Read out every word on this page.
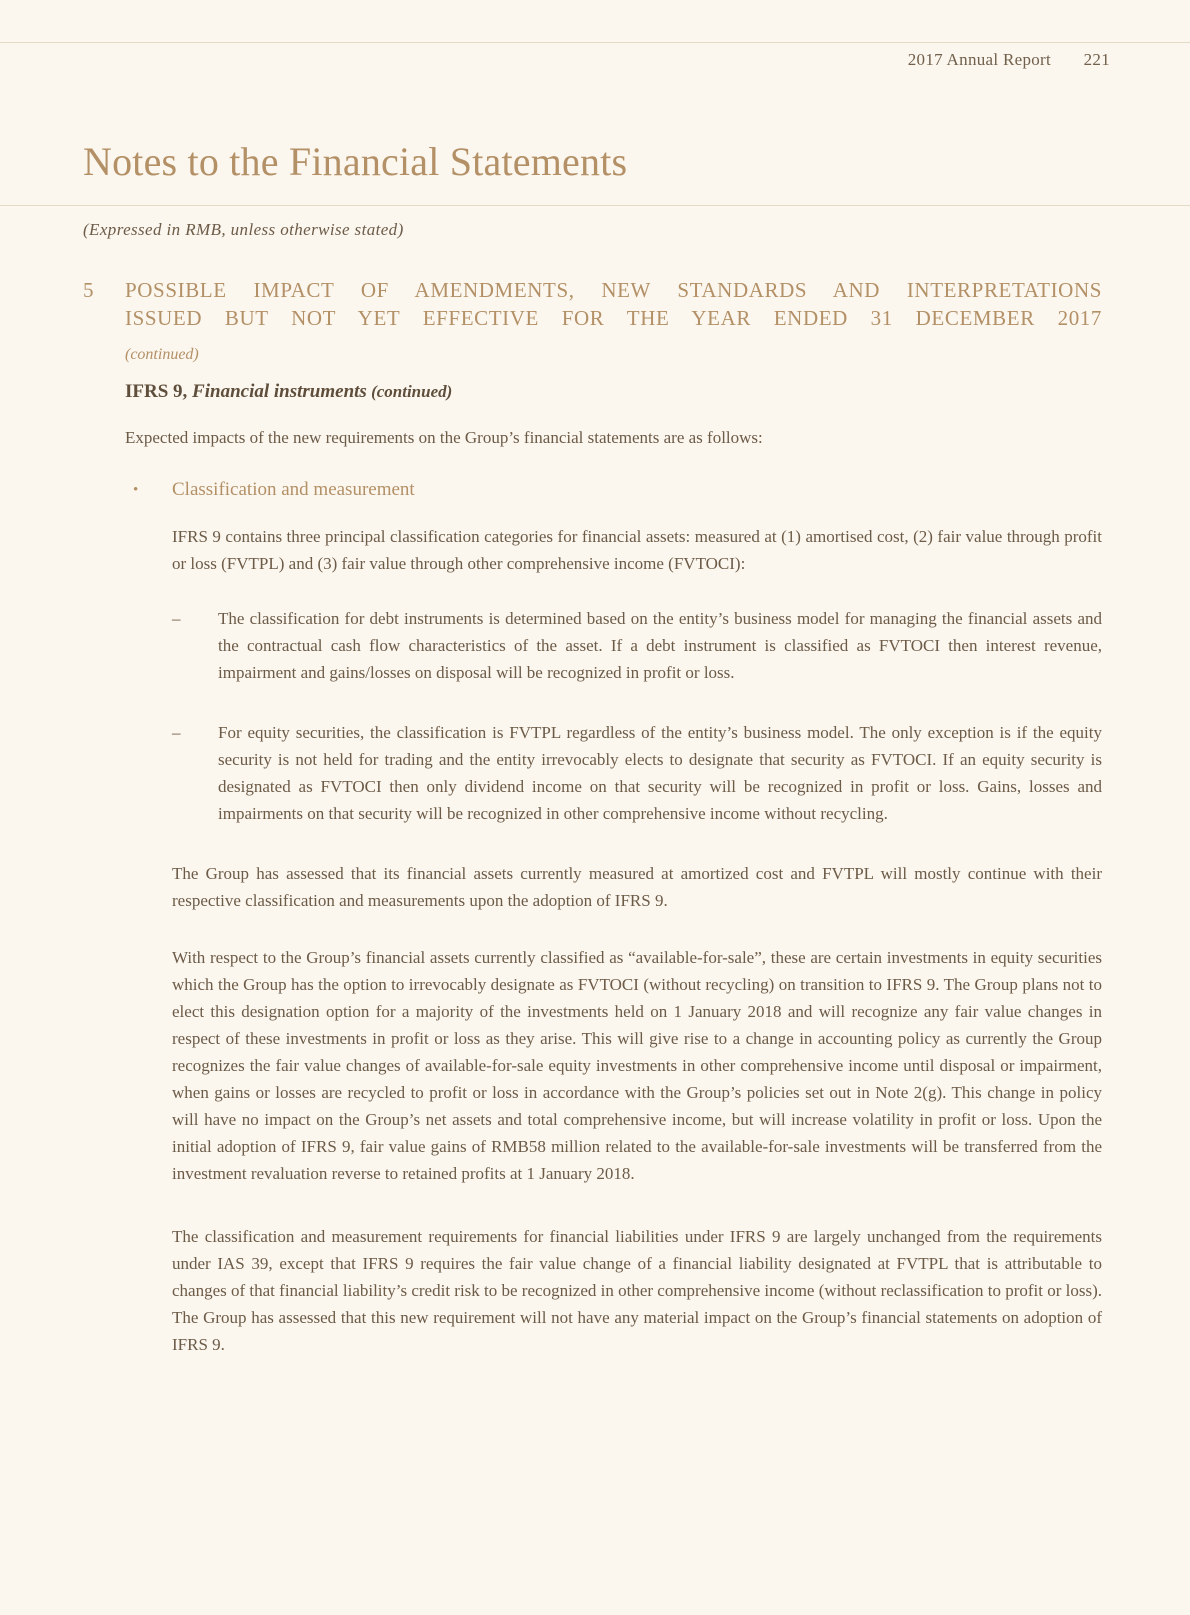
2017 Annual Report 221
Notes to the Financial Statements
(Expressed in RMB, unless otherwise stated)
5	POSSIBLE IMPACT OF AMENDMENTS, NEW STANDARDS AND INTERPRETATIONS
ISSUED BUT NOT YET EFFECTIVE FOR THE YEAR ENDED 31 DECEMBER 2017
(continued)
IFRS 9, Financial instruments (continued)

Expected impacts of the new requirements on the Group’s financial statements are as follows:

•	Classification and measurement

IFRS 9 contains three principal classification categories for financial assets: measured at (1) amortised cost, (2) fair value through profit or loss (FVTPL) and (3) fair value through other comprehensive income (FVTOCI):

–	The classification for debt instruments is determined based on the entity’s business model for managing the financial assets and the contractual cash flow characteristics of the asset. If a debt instrument is classified as FVTOCI then interest revenue, impairment and gains/losses on disposal will be recognized in profit or loss.

–	For equity securities, the classification is FVTPL regardless of the entity’s business model. The only exception is if the equity security is not held for trading and the entity irrevocably elects to designate that security as FVTOCI. If an equity security is designated as FVTOCI then only dividend income on that security will be recognized in profit or loss. Gains, losses and impairments on that security will be recognized in other comprehensive income without recycling.

The Group has assessed that its financial assets currently measured at amortized cost and FVTPL will mostly continue with their respective classification and measurements upon the adoption of IFRS 9.

With respect to the Group’s financial assets currently classified as “available-for-sale”, these are certain investments in equity securities which the Group has the option to irrevocably designate as FVTOCI (without recycling) on transition to IFRS 9. The Group plans not to elect this designation option for a majority of the investments held on 1 January 2018 and will recognize any fair value changes in respect of these investments in profit or loss as they arise. This will give rise to a change in accounting policy as currently the Group recognizes the fair value changes of available-for-sale equity investments in other comprehensive income until disposal or impairment, when gains or losses are recycled to profit or loss in accordance with the Group’s policies set out in Note 2(g). This change in policy will have no impact on the Group’s net assets and total comprehensive income, but will increase volatility in profit or loss. Upon the initial adoption of IFRS 9, fair value gains of RMB58 million related to the available-for-sale investments will be transferred from the investment revaluation reverse to retained profits at 1 January 2018.

The classification and measurement requirements for financial liabilities under IFRS 9 are largely unchanged from the requirements under IAS 39, except that IFRS 9 requires the fair value change of a financial liability designated at FVTPL that is attributable to changes of that financial liability’s credit risk to be recognized in other comprehensive income (without reclassification to profit or loss). The Group has assessed that this new requirement will not have any material impact on the Group’s financial statements on adoption of IFRS 9.
